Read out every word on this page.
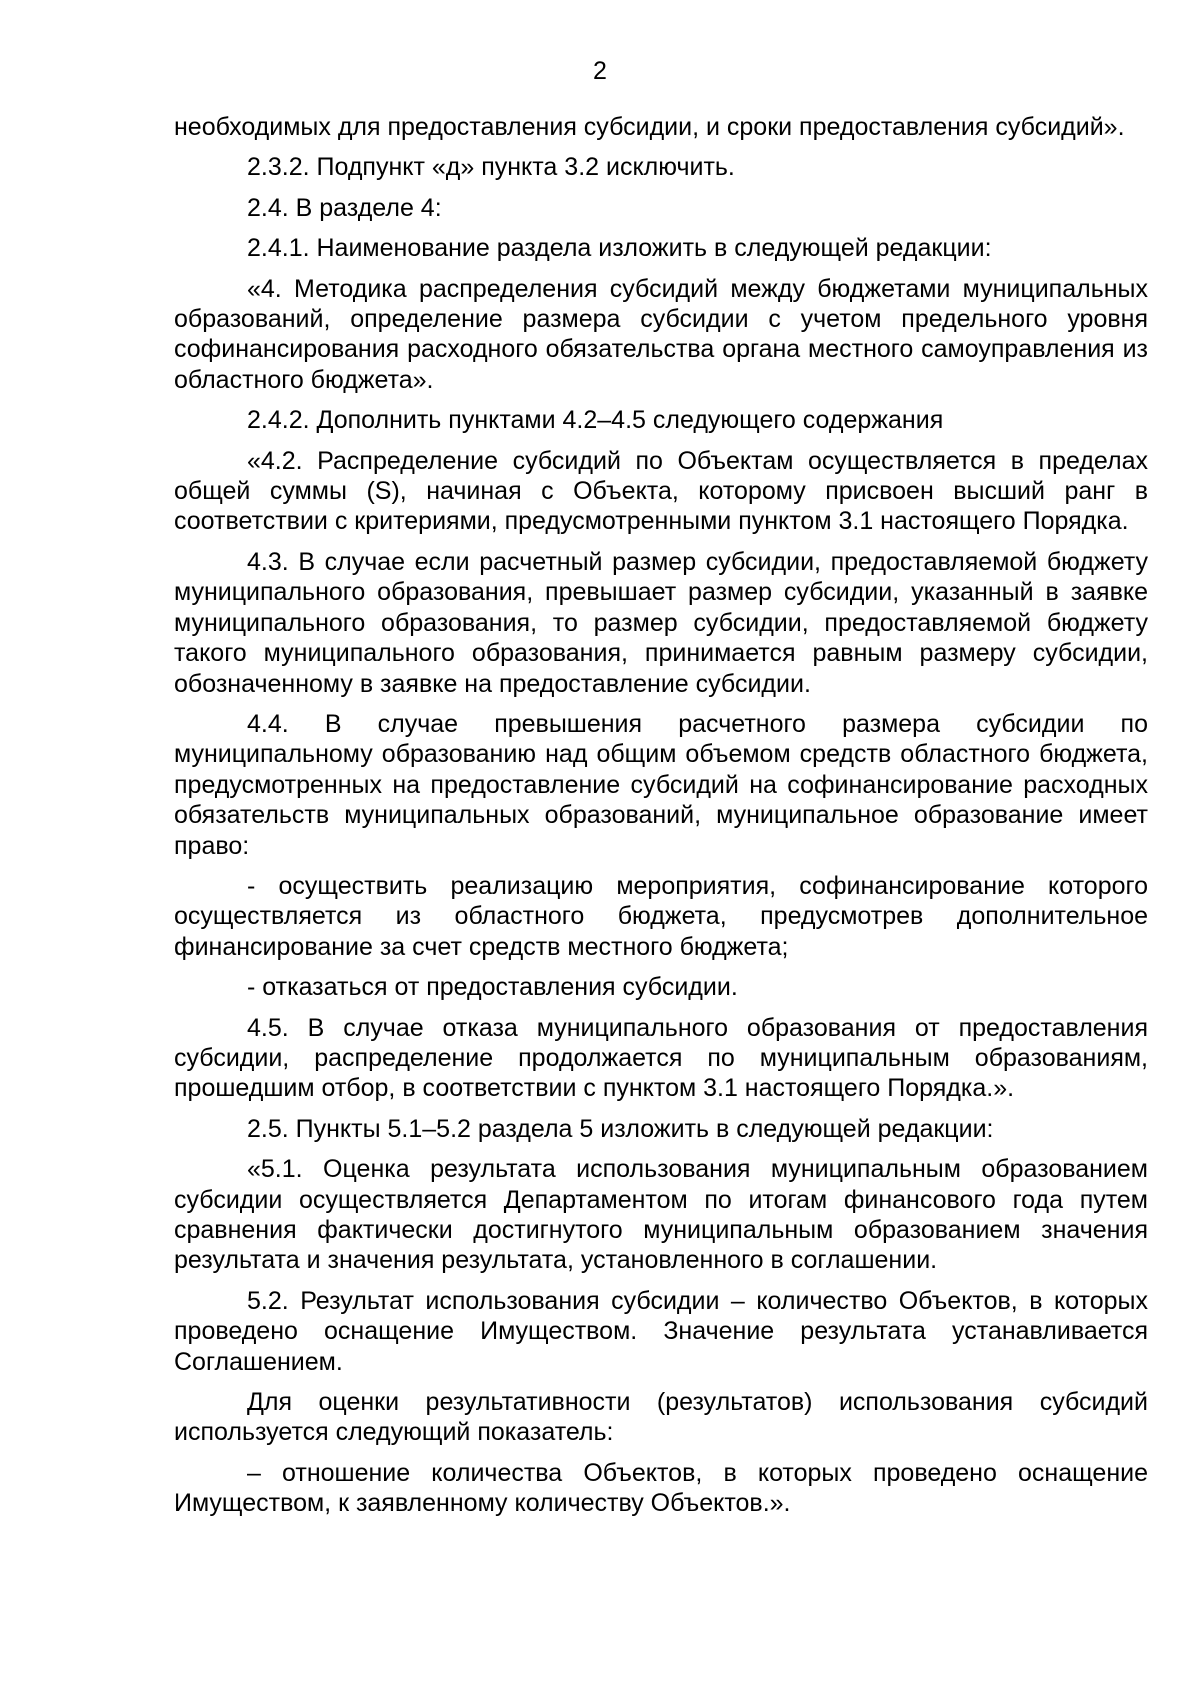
2

необходимых для предоставления субсидии, и сроки предоставления субсидий».

2.3.2. Подпункт «д» пункта 3.2 исключить.

2.4. В разделе 4:

2.4.1. Наименование раздела изложить в следующей редакции:

«4. Методика распределения субсидий между бюджетами муниципальных образований, определение размера субсидии с учетом предельного уровня софинансирования расходного обязательства органа местного самоуправления из областного бюджета».

2.4.2. Дополнить пунктами 4.2–4.5 следующего содержания

«4.2. Распределение субсидий по Объектам осуществляется в пределах общей суммы (S), начиная с Объекта, которому присвоен высший ранг в соответствии с критериями, предусмотренными пунктом 3.1 настоящего Порядка.

4.3. В случае если расчетный размер субсидии, предоставляемой бюджету муниципального образования, превышает размер субсидии, указанный в заявке муниципального образования, то размер субсидии, предоставляемой бюджету такого муниципального образования, принимается равным размеру субсидии, обозначенному в заявке на предоставление субсидии.

4.4. В случае превышения расчетного размера субсидии по муниципальному образованию над общим объемом средств областного бюджета, предусмотренных на предоставление субсидий на софинансирование расходных обязательств муниципальных образований, муниципальное образование имеет право:

- осуществить реализацию мероприятия, софинансирование которого осуществляется из областного бюджета, предусмотрев дополнительное финансирование за счет средств местного бюджета;

- отказаться от предоставления субсидии.

4.5. В случае отказа муниципального образования от предоставления субсидии, распределение продолжается по муниципальным образованиям, прошедшим отбор, в соответствии с пунктом 3.1 настоящего Порядка.».

2.5. Пункты 5.1–5.2 раздела 5 изложить в следующей редакции:

«5.1. Оценка результата использования муниципальным образованием субсидии осуществляется Департаментом по итогам финансового года путем сравнения фактически достигнутого муниципальным образованием значения результата и значения результата, установленного в соглашении.

5.2. Результат использования субсидии – количество Объектов, в которых проведено оснащение Имуществом. Значение результата устанавливается Соглашением.

Для оценки результативности (результатов) использования субсидий используется следующий показатель:

– отношение количества Объектов, в которых проведено оснащение Имуществом, к заявленному количеству Объектов.».
